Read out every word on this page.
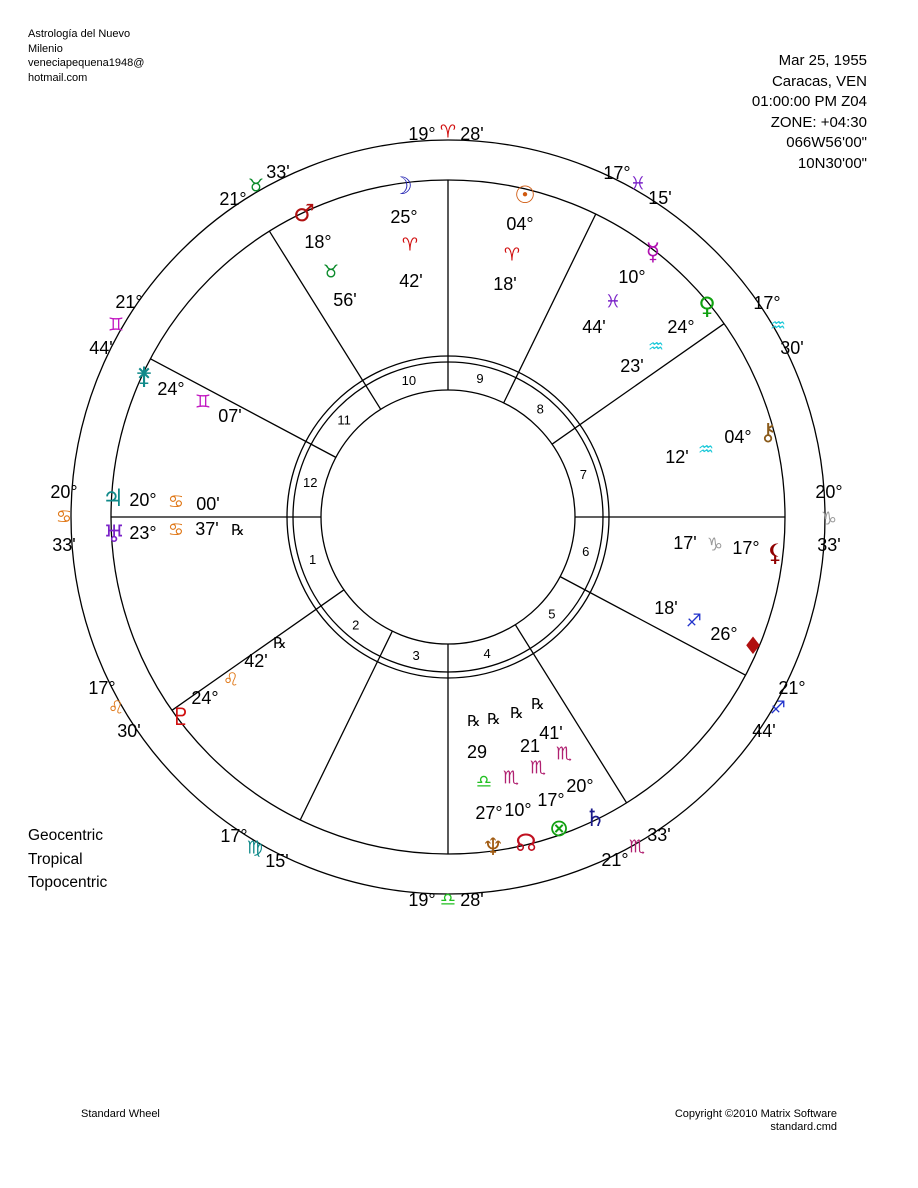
Astrología del Nuevo
Milenio
veneciapequena1948@
hotmail.com
Mar 25, 1955
Caracas, VEN
01:00:00 PM Z04
ZONE: +04:30
066W56'00"
10N30'00"
Geocentric
Tropical
Topocentric
Standard Wheel	Copyright ©2010 Matrix Software
standard.cmd
1
2
3	4
5
6
7
8
9
10
11
12
19° ♈ 28'
17°
♓
15'
17°
♒
30'
20°
♑
33'
21°
♐
44'
21°
♏
33'
19° ♎ 28'
17°
♍
15'
17°
♌
30'
20°
♋
33'
21°
♊
44'
21°
♉
33'	☽
25°
♈
42'
♂
18°
♉
56'
☉
04°
♈
18'
☿
10°
♓
44'
♀
24°
♒
23'
⚷
04°
♒
12'
⚸
17°
♑
17'
♦
26°
♐
18'
♄
20°
♏
41'
℞
⊗
17°
♏
℞
☊
10°
♏
21
℞
♆
27°
♎
29
℞
♇
24°
♌
42'
℞
♅ 23° ♋ 37' ℞
♃ 20° ♋ 00'
⚵ 24°
♊
07'
